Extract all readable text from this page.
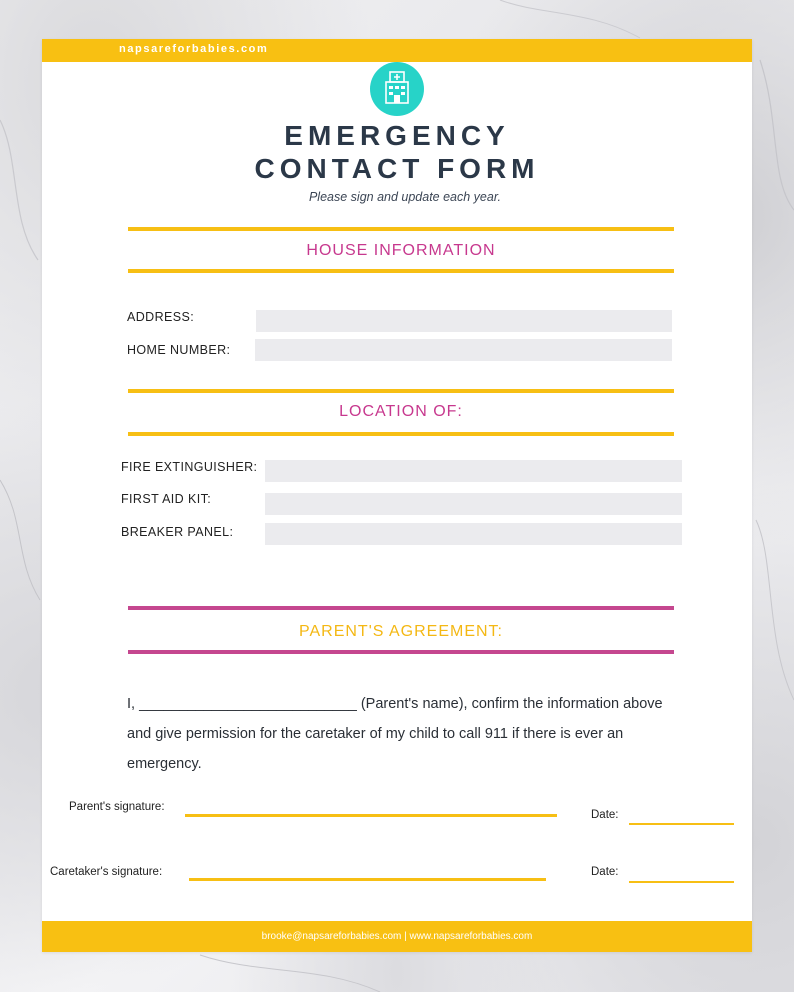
napsareforbabies.com
EMERGENCY
CONTACT FORM
Please sign and update each year.
HOUSE INFORMATION
ADDRESS:
HOME NUMBER:
LOCATION OF:
FIRE EXTINGUISHER:
FIRST AID KIT:
BREAKER PANEL:
PARENT'S AGREEMENT:
I, ___________________________ (Parent's name), confirm the information above and give permission for the caretaker of my child to call 911 if there is ever an emergency.
Parent's signature:
Date:
Caretaker's signature:	Date:
brooke@napsareforbabies.com | www.napsareforbabies.com
